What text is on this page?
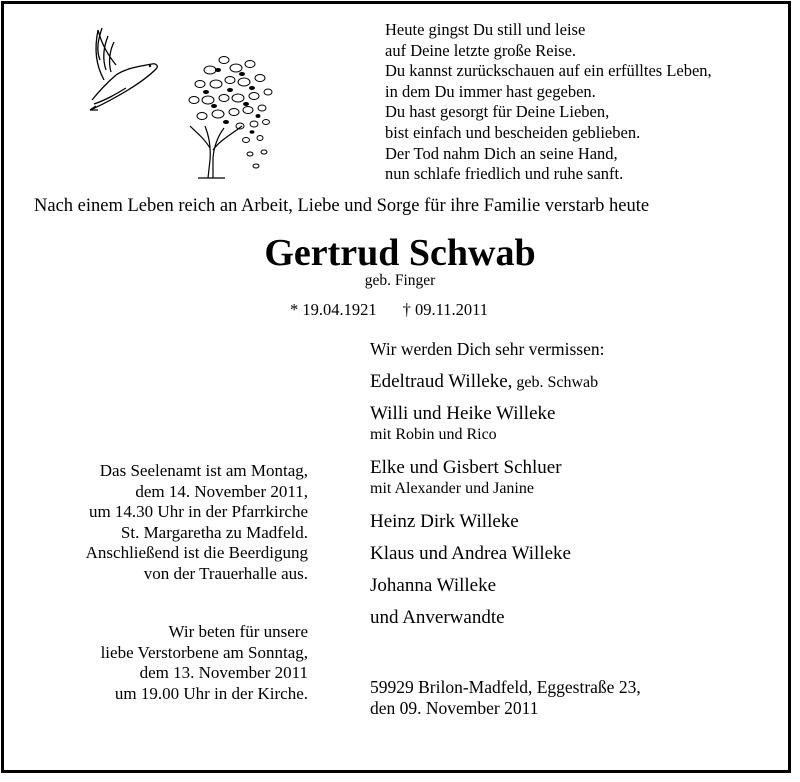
Heute gingst Du still und leise
auf Deine letzte große Reise.
Du kannst zurückschauen auf ein erfülltes Leben,
in dem Du immer hast gegeben.
Du hast gesorgt für Deine Lieben,
bist einfach und bescheiden geblieben.
Der Tod nahm Dich an seine Hand,
nun schlafe friedlich und ruhe sanft.
Nach einem Leben reich an Arbeit, Liebe und Sorge für ihre Familie verstarb heute
Gertrud Schwab
geb. Finger
* 19.04.1921 † 09.11.2011
Wir werden Dich sehr vermissen:
Edeltraud Willeke, geb. Schwab
Willi und Heike Willeke
mit Robin und Rico
Elke und Gisbert Schluer
mit Alexander und Janine
Heinz Dirk Willeke
Klaus und Andrea Willeke
Johanna Willeke
und Anverwandte
Das Seelenamt ist am Montag,
dem 14. November 2011,
um 14.30 Uhr in der Pfarrkirche
St. Margaretha zu Madfeld.
Anschließend ist die Beerdigung
von der Trauerhalle aus.
Wir beten für unsere
liebe Verstorbene am Sonntag,
dem 13. November 2011
um 19.00 Uhr in der Kirche.	59929 Brilon-Madfeld, Eggestraße 23,
den 09. November 2011
